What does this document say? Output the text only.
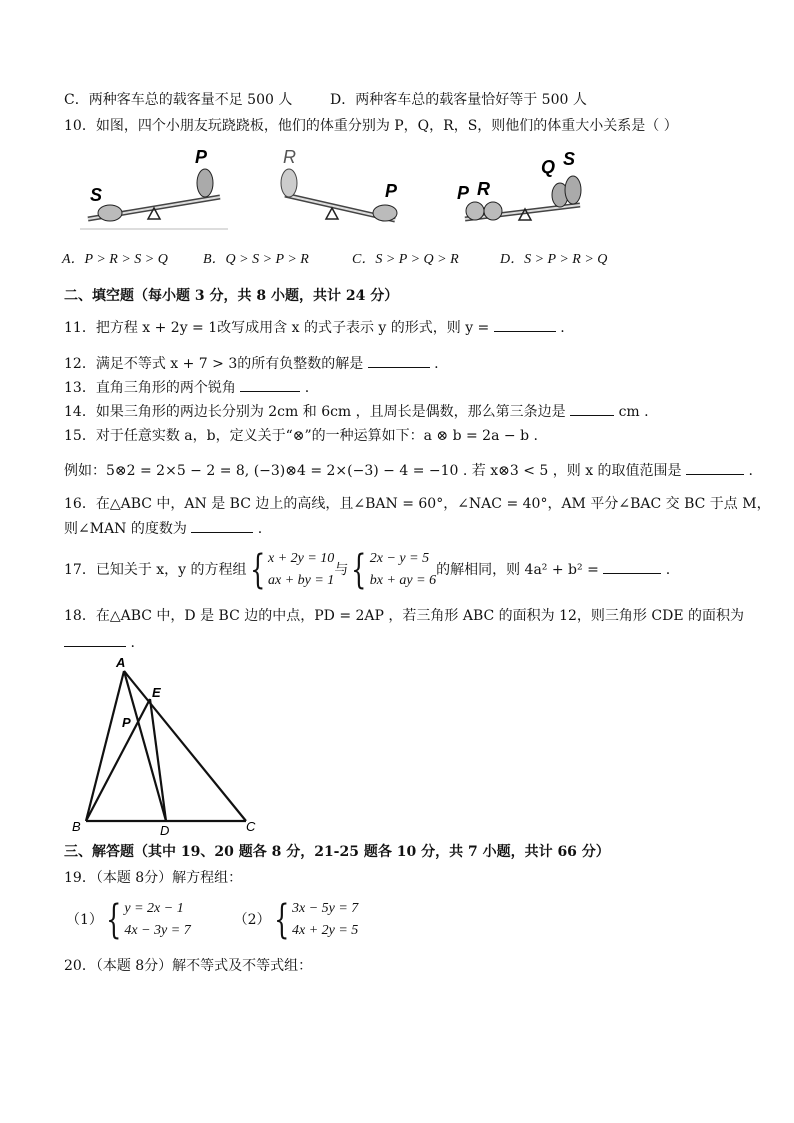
C．两种客车总的载客量不足 500 人	D．两种客车总的载客量恰好等于 500 人
10．如图，四个小朋友玩跷跷板，他们的体重分别为 P，Q，R，S，则他们的体重大小关系是（ ）
S
P	R
P	P R
Q S
A．P > R > S > Q	B．Q > S > P > R	C．S > P > Q > R	D．S > P > R > Q
二、填空题（每小题 3 分，共 8 小题，共计 24 分）
11．把方程 x + 2y = 1改写成用含 x 的式子表示 y 的形式，则 y =	.
12．满足不等式 x + 7 > 3的所有负整数的解是	.
13．直角三角形的两个锐角	.
14．如果三角形的两边长分别为 2cm 和 6cm ，且周长是偶数，那么第三条边是	cm .
15．对于任意实数 a，b，定义关于“⊗”的一种运算如下：a ⊗ b = 2a − b .
例如：5⊗2 = 2×5 − 2 = 8, (−3)⊗4 = 2×(−3) − 4 = −10 . 若 x⊗3 < 5 ，则 x 的取值范围是	.
16．在△ABC 中，AN 是 BC 边上的高线，且∠BAN = 60°，∠NAC = 40°，AM 平分∠BAC 交 BC 于点 M，
则∠MAN 的度数为	.
17．已知关于 x，y 的方程组 { x + 2y = 10
ax + by = 1
与 { 2x − y = 5
bx + ay = 6
的解相同，则 4a² + b² =	.
18．在△ABC 中，D 是 BC 边的中点，PD = 2AP ，若三角形 ABC 的面积为 12，则三角形 CDE 的面积为
.
A
B	C
D
E
P
三、解答题（其中 19、20 题各 8 分，21-25 题各 10 分，共 7 小题，共计 66 分）
19．（本题 8分）解方程组：
（1） { y = 2x − 1
4x − 3y = 7
（2） { 3x − 5y = 7
4x + 2y = 5
20．（本题 8分）解不等式及不等式组：
